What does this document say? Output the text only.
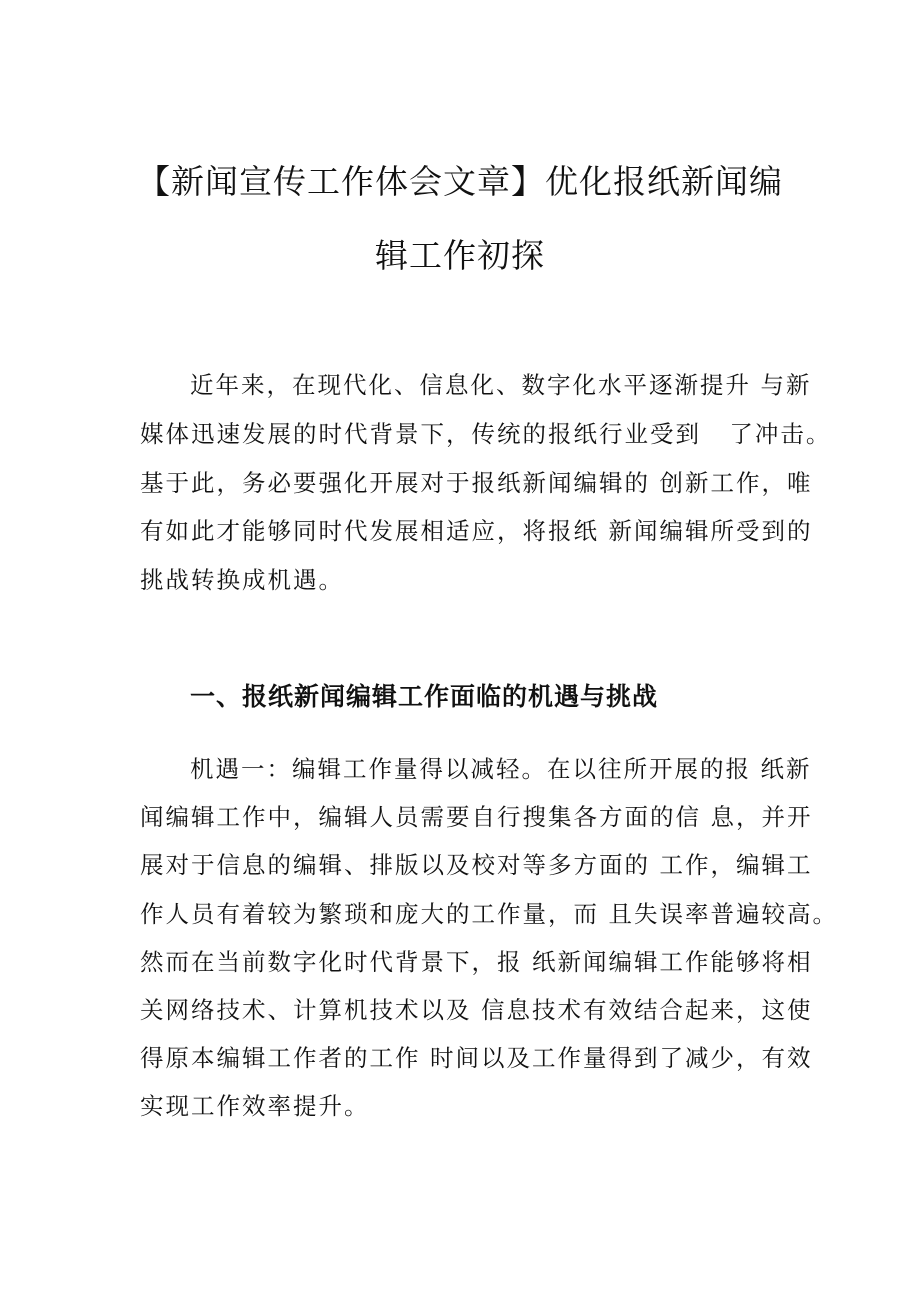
【新闻宣传工作体会文章】优化报纸新闻编
辑工作初探
近年来，在现代化、信息化、数字化水平逐渐提升 与新
媒体迅速发展的时代背景下，传统的报纸行业受到   了冲击。
基于此，务必要强化开展对于报纸新闻编辑的 创新工作，唯
有如此才能够同时代发展相适应，将报纸 新闻编辑所受到的
挑战转换成机遇。
一、报纸新闻编辑工作面临的机遇与挑战
机遇一：编辑工作量得以减轻。在以往所开展的报 纸新
闻编辑工作中，编辑人员需要自行搜集各方面的信 息，并开
展对于信息的编辑、排版以及校对等多方面的 工作，编辑工
作人员有着较为繁琐和庞大的工作量，而 且失误率普遍较高。
然而在当前数字化时代背景下，报 纸新闻编辑工作能够将相
关网络技术、计算机技术以及 信息技术有效结合起来，这使
得原本编辑工作者的工作 时间以及工作量得到了减少，有效
实现工作效率提升。
